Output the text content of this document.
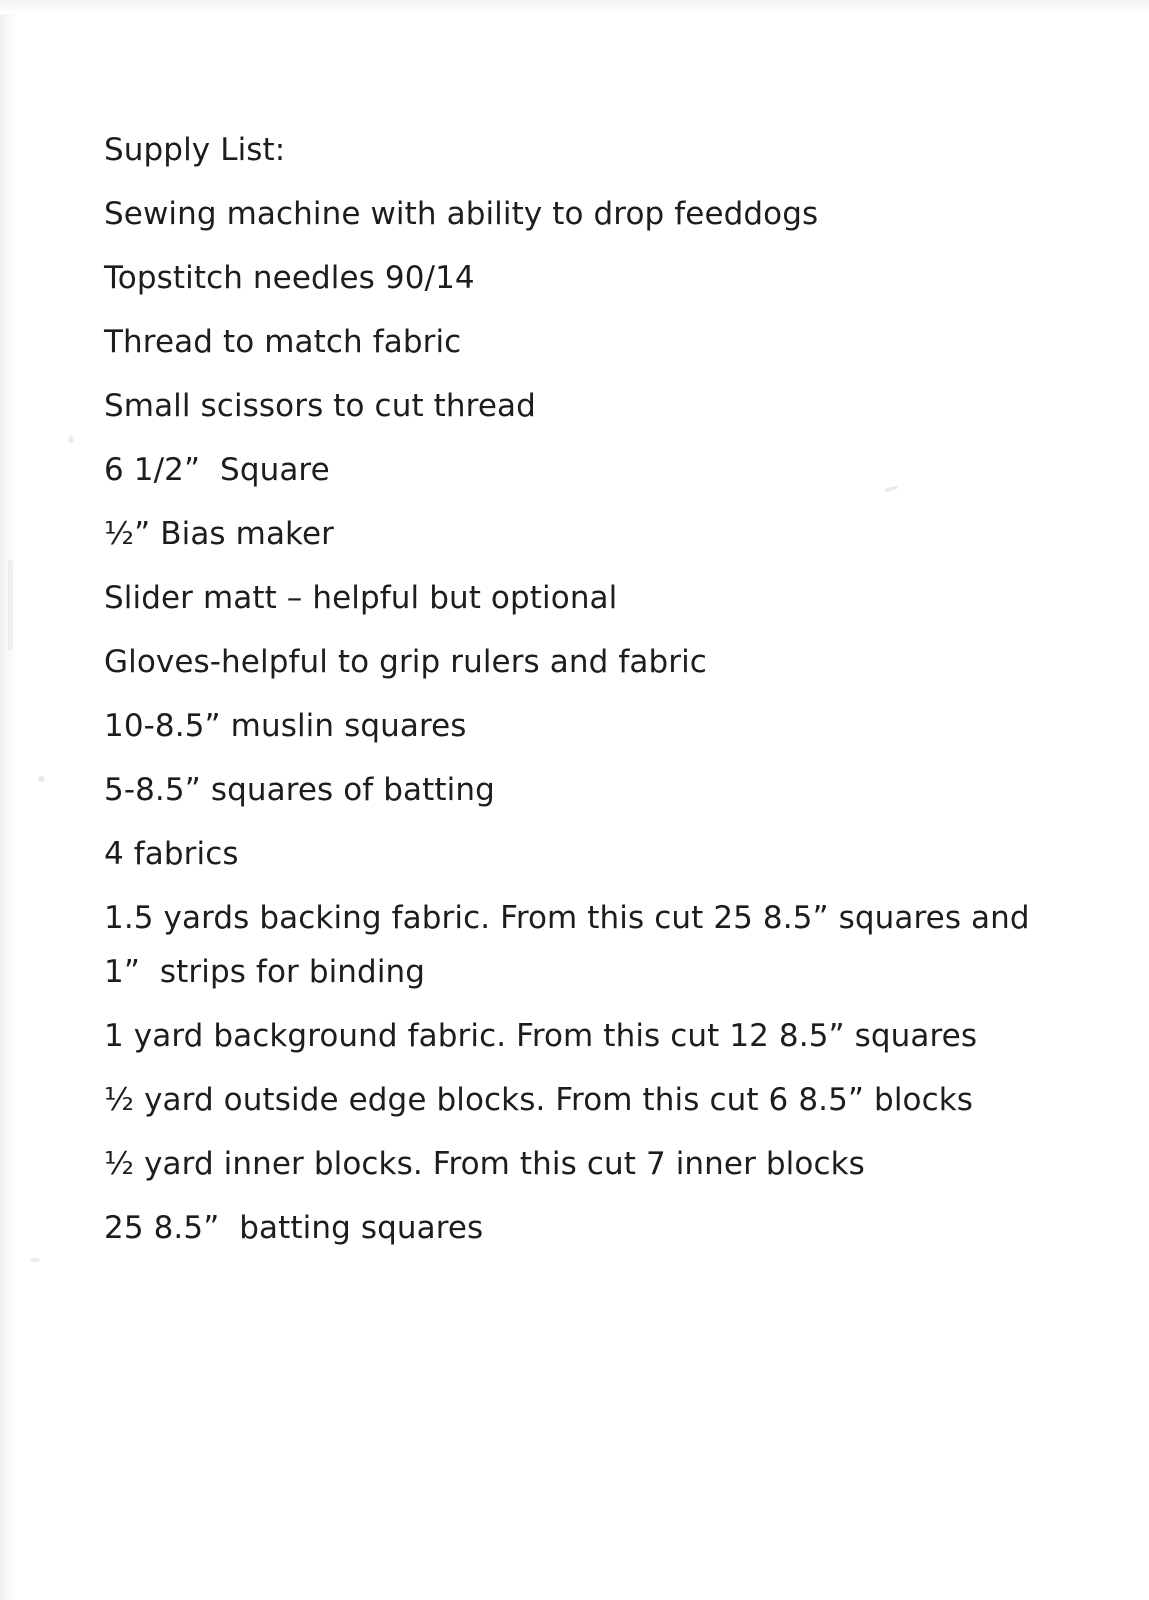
Supply List:
Sewing machine with ability to drop feeddogs
Topstitch needles 90/14
Thread to match fabric
Small scissors to cut thread
6 1/2”  Square
½” Bias maker
Slider matt – helpful but optional
Gloves-helpful to grip rulers and fabric
10-8.5” muslin squares
5-8.5” squares of batting
4 fabrics
1.5 yards backing fabric. From this cut 25 8.5” squares and 1”  strips for binding
1 yard background fabric. From this cut 12 8.5” squares
½ yard outside edge blocks. From this cut 6 8.5” blocks
½ yard inner blocks. From this cut 7 inner blocks
25 8.5”  batting squares
